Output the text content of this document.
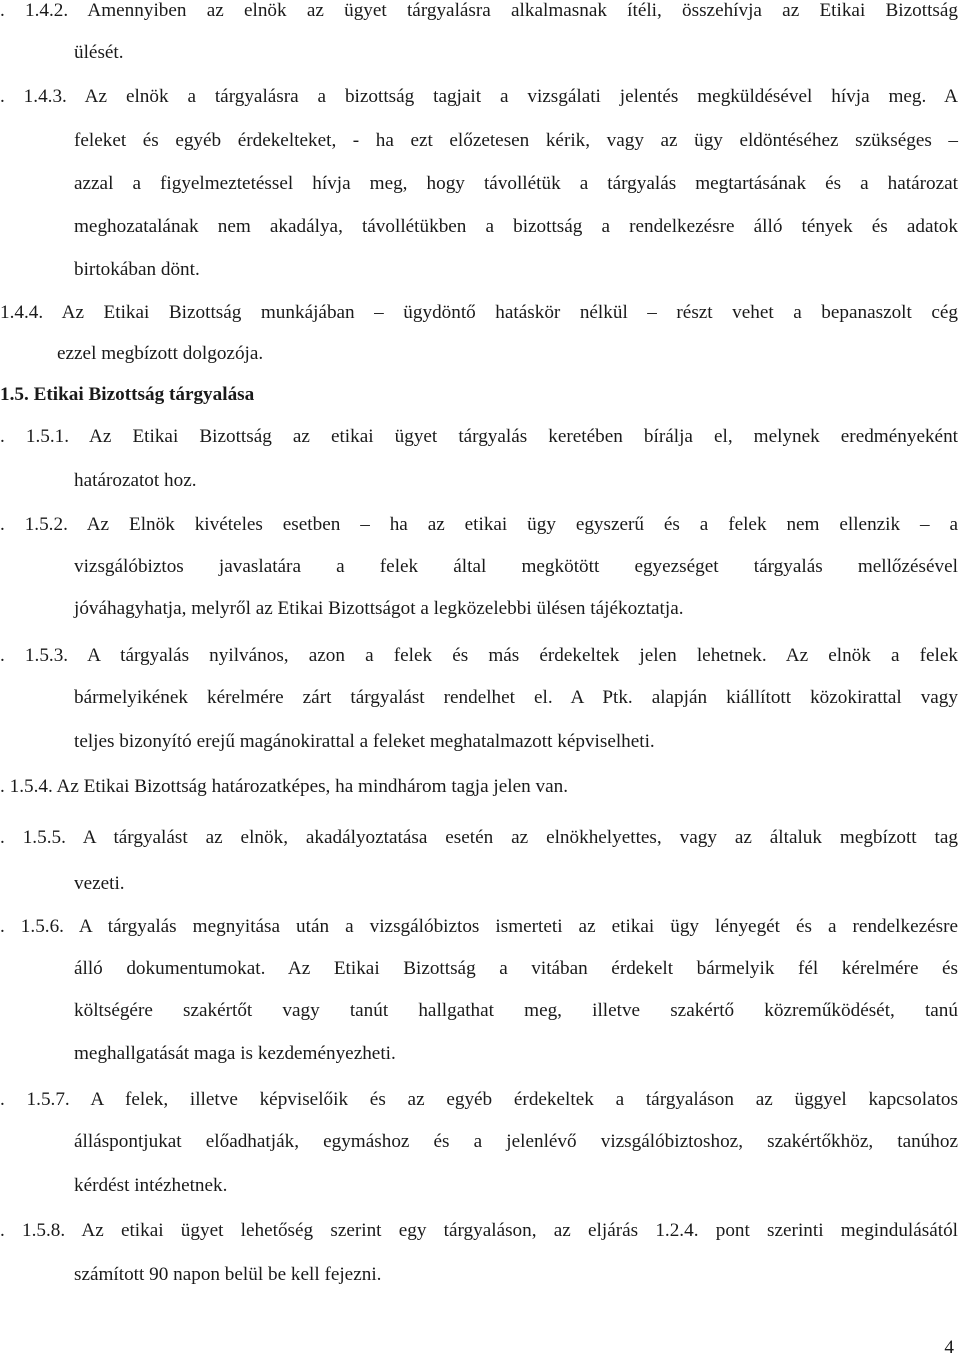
. 1.4.2. Amennyiben az elnök az ügyet tárgyalásra alkalmasnak ítéli, összehívja az Etikai Bizottság
ülését.
. 1.4.3. Az elnök a tárgyalásra a bizottság tagjait a vizsgálati jelentés megküldésével hívja meg. A
feleket és egyéb érdekelteket, - ha ezt előzetesen kérik, vagy az ügy eldöntéséhez szükséges –
azzal a figyelmeztetéssel hívja meg, hogy távollétük a tárgyalás megtartásának és a határozat
meghozatalának nem akadálya, távollétükben a bizottság a rendelkezésre álló tények és adatok
birtokában dönt.
1.4.4. Az Etikai Bizottság munkájában – ügydöntő hatáskör nélkül – részt vehet a bepanaszolt cég
ezzel megbízott dolgozója.
1.5. Etikai Bizottság tárgyalása
. 1.5.1. Az Etikai Bizottság az etikai ügyet tárgyalás keretében bírálja el, melynek eredményeként
határozatot hoz.
. 1.5.2. Az Elnök kivételes esetben – ha az etikai ügy egyszerű és a felek nem ellenzik – a
vizsgálóbiztos javaslatára a felek által megkötött egyezséget tárgyalás mellőzésével
jóváhagyhatja, melyről az Etikai Bizottságot a legközelebbi ülésen tájékoztatja.
. 1.5.3. A tárgyalás nyilvános, azon a felek és más érdekeltek jelen lehetnek. Az elnök a felek
bármelyikének kérelmére zárt tárgyalást rendelhet el. A Ptk. alapján kiállított közokirattal vagy
teljes bizonyító erejű magánokirattal a feleket meghatalmazott képviselheti.
. 1.5.4. Az Etikai Bizottság határozatképes, ha mindhárom tagja jelen van.
. 1.5.5. A tárgyalást az elnök, akadályoztatása esetén az elnökhelyettes, vagy az általuk megbízott tag
vezeti.
. 1.5.6. A tárgyalás megnyitása után a vizsgálóbiztos ismerteti az etikai ügy lényegét és a rendelkezésre
álló dokumentumokat. Az Etikai Bizottság a vitában érdekelt bármelyik fél kérelmére és
költségére szakértőt vagy tanút hallgathat meg, illetve szakértő közreműködését, tanú
meghallgatását maga is kezdeményezheti.
. 1.5.7. A felek, illetve képviselőik és az egyéb érdekeltek a tárgyaláson az üggyel kapcsolatos
álláspontjukat előadhatják, egymáshoz és a jelenlévő vizsgálóbiztoshoz, szakértőkhöz, tanúhoz
kérdést intézhetnek.
. 1.5.8. Az etikai ügyet lehetőség szerint egy tárgyaláson, az eljárás 1.2.4. pont szerinti megindulásától
számított 90 napon belül be kell fejezni.
4
